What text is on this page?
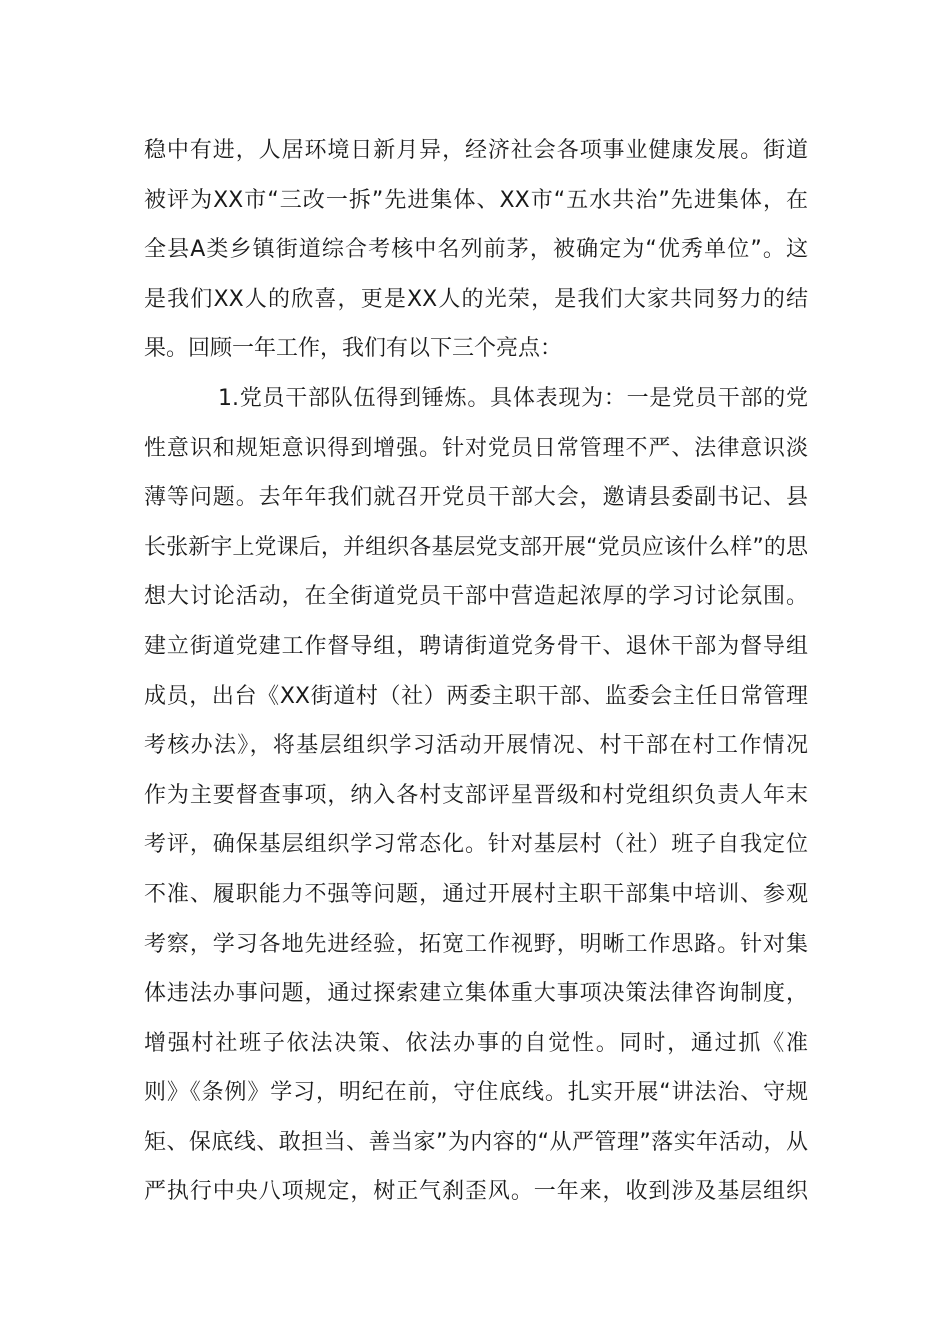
稳中有进，人居环境日新月异，经济社会各项事业健康发展。街道
被评为XX市“三改一拆”先进集体、XX市“五水共治”先进集体，在
全县A类乡镇街道综合考核中名列前茅，被确定为“优秀单位”。这
是我们XX人的欣喜，更是XX人的光荣，是我们大家共同努力的结
果。回顾一年工作，我们有以下三个亮点：
1.党员干部队伍得到锤炼。具体表现为：一是党员干部的党
性意识和规矩意识得到增强。针对党员日常管理不严、法律意识淡
薄等问题。去年年我们就召开党员干部大会，邀请县委副书记、县
长张新宇上党课后，并组织各基层党支部开展“党员应该什么样”的思
想大讨论活动，在全街道党员干部中营造起浓厚的学习讨论氛围。
建立街道党建工作督导组，聘请街道党务骨干、退休干部为督导组
成员，出台《XX街道村（社）两委主职干部、监委会主任日常管理
考核办法》，将基层组织学习活动开展情况、村干部在村工作情况
作为主要督查事项，纳入各村支部评星晋级和村党组织负责人年末
考评，确保基层组织学习常态化。针对基层村（社）班子自我定位
不准、履职能力不强等问题，通过开展村主职干部集中培训、参观
考察，学习各地先进经验，拓宽工作视野，明晰工作思路。针对集
体违法办事问题，通过探索建立集体重大事项决策法律咨询制度，
增强村社班子依法决策、依法办事的自觉性。同时，通过抓《准
则》《条例》学习，明纪在前，守住底线。扎实开展“讲法治、守规
矩、保底线、敢担当、善当家”为内容的“从严管理”落实年活动，从
严执行中央八项规定，树正气刹歪风。一年来，收到涉及基层组织
